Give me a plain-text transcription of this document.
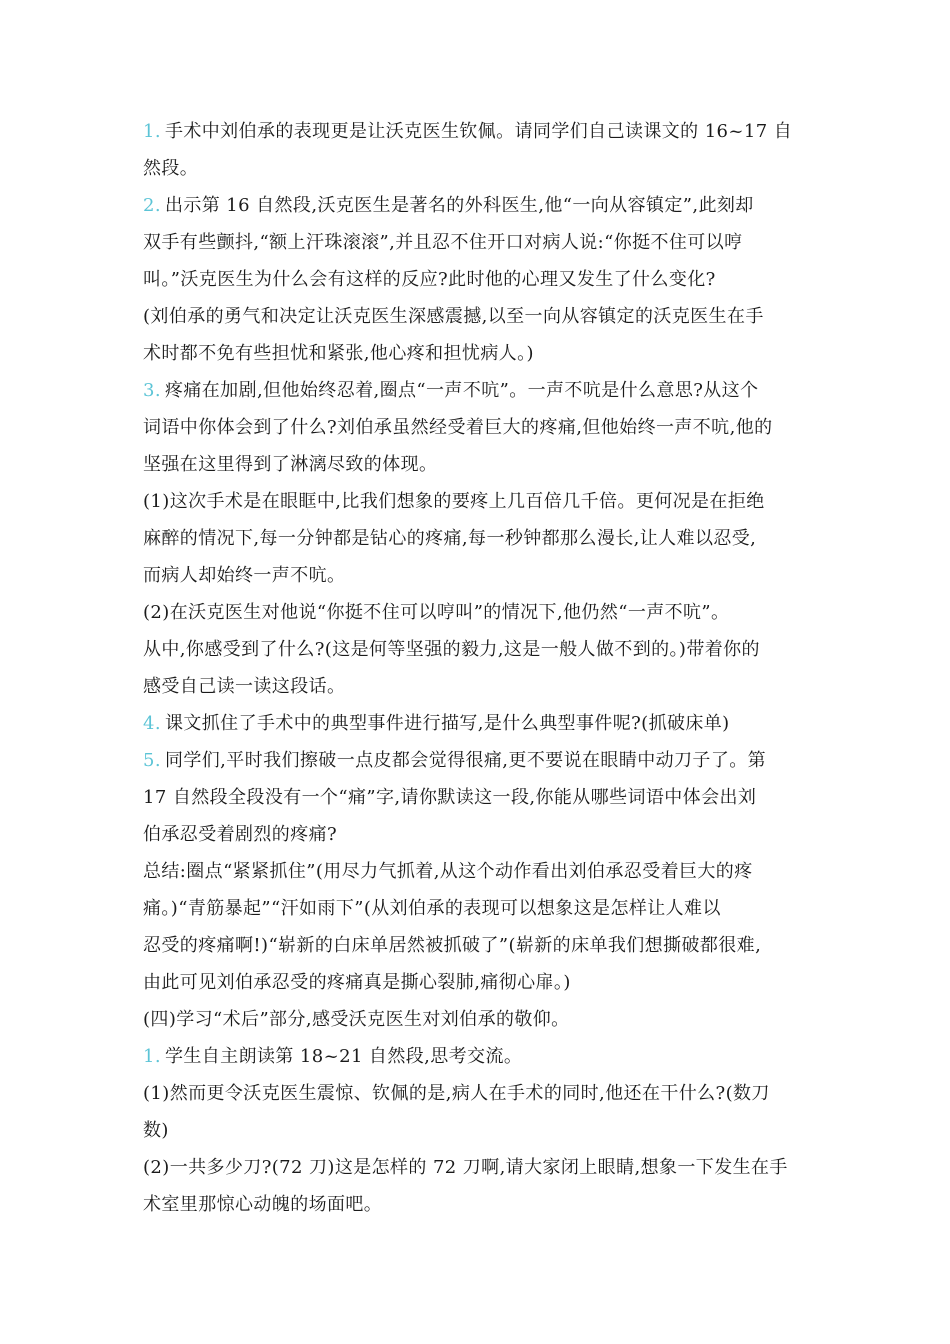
1. 手术中刘伯承的表现更是让沃克医生钦佩。请同学们自己读课文的 16~17 自
然段。
2. 出示第 16 自然段,沃克医生是著名的外科医生,他“一向从容镇定”,此刻却
双手有些颤抖,“额上汗珠滚滚”,并且忍不住开口对病人说:“你挺不住可以哼
叫。”沃克医生为什么会有这样的反应?此时他的心理又发生了什么变化?
(刘伯承的勇气和决定让沃克医生深感震撼,以至一向从容镇定的沃克医生在手
术时都不免有些担忧和紧张,他心疼和担忧病人。)
3. 疼痛在加剧,但他始终忍着,圈点“一声不吭”。一声不吭是什么意思?从这个
词语中你体会到了什么?刘伯承虽然经受着巨大的疼痛,但他始终一声不吭,他的
坚强在这里得到了淋漓尽致的体现。
(1)这次手术是在眼眶中,比我们想象的要疼上几百倍几千倍。更何况是在拒绝
麻醉的情况下,每一分钟都是钻心的疼痛,每一秒钟都那么漫长,让人难以忍受,
而病人却始终一声不吭。
(2)在沃克医生对他说“你挺不住可以哼叫”的情况下,他仍然“一声不吭”。
从中,你感受到了什么?(这是何等坚强的毅力,这是一般人做不到的。)带着你的
感受自己读一读这段话。
4. 课文抓住了手术中的典型事件进行描写,是什么典型事件呢?(抓破床单)
5. 同学们,平时我们擦破一点皮都会觉得很痛,更不要说在眼睛中动刀子了。第
17 自然段全段没有一个“痛”字,请你默读这一段,你能从哪些词语中体会出刘
伯承忍受着剧烈的疼痛?
总结:圈点“紧紧抓住”(用尽力气抓着,从这个动作看出刘伯承忍受着巨大的疼
痛。)“青筋暴起”“汗如雨下”(从刘伯承的表现可以想象这是怎样让人难以
忍受的疼痛啊!)“崭新的白床单居然被抓破了”(崭新的床单我们想撕破都很难,
由此可见刘伯承忍受的疼痛真是撕心裂肺,痛彻心扉。)
(四)学习“术后”部分,感受沃克医生对刘伯承的敬仰。
1. 学生自主朗读第 18~21 自然段,思考交流。
(1)然而更令沃克医生震惊、钦佩的是,病人在手术的同时,他还在干什么?(数刀
数)
(2)一共多少刀?(72 刀)这是怎样的 72 刀啊,请大家闭上眼睛,想象一下发生在手
术室里那惊心动魄的场面吧。
